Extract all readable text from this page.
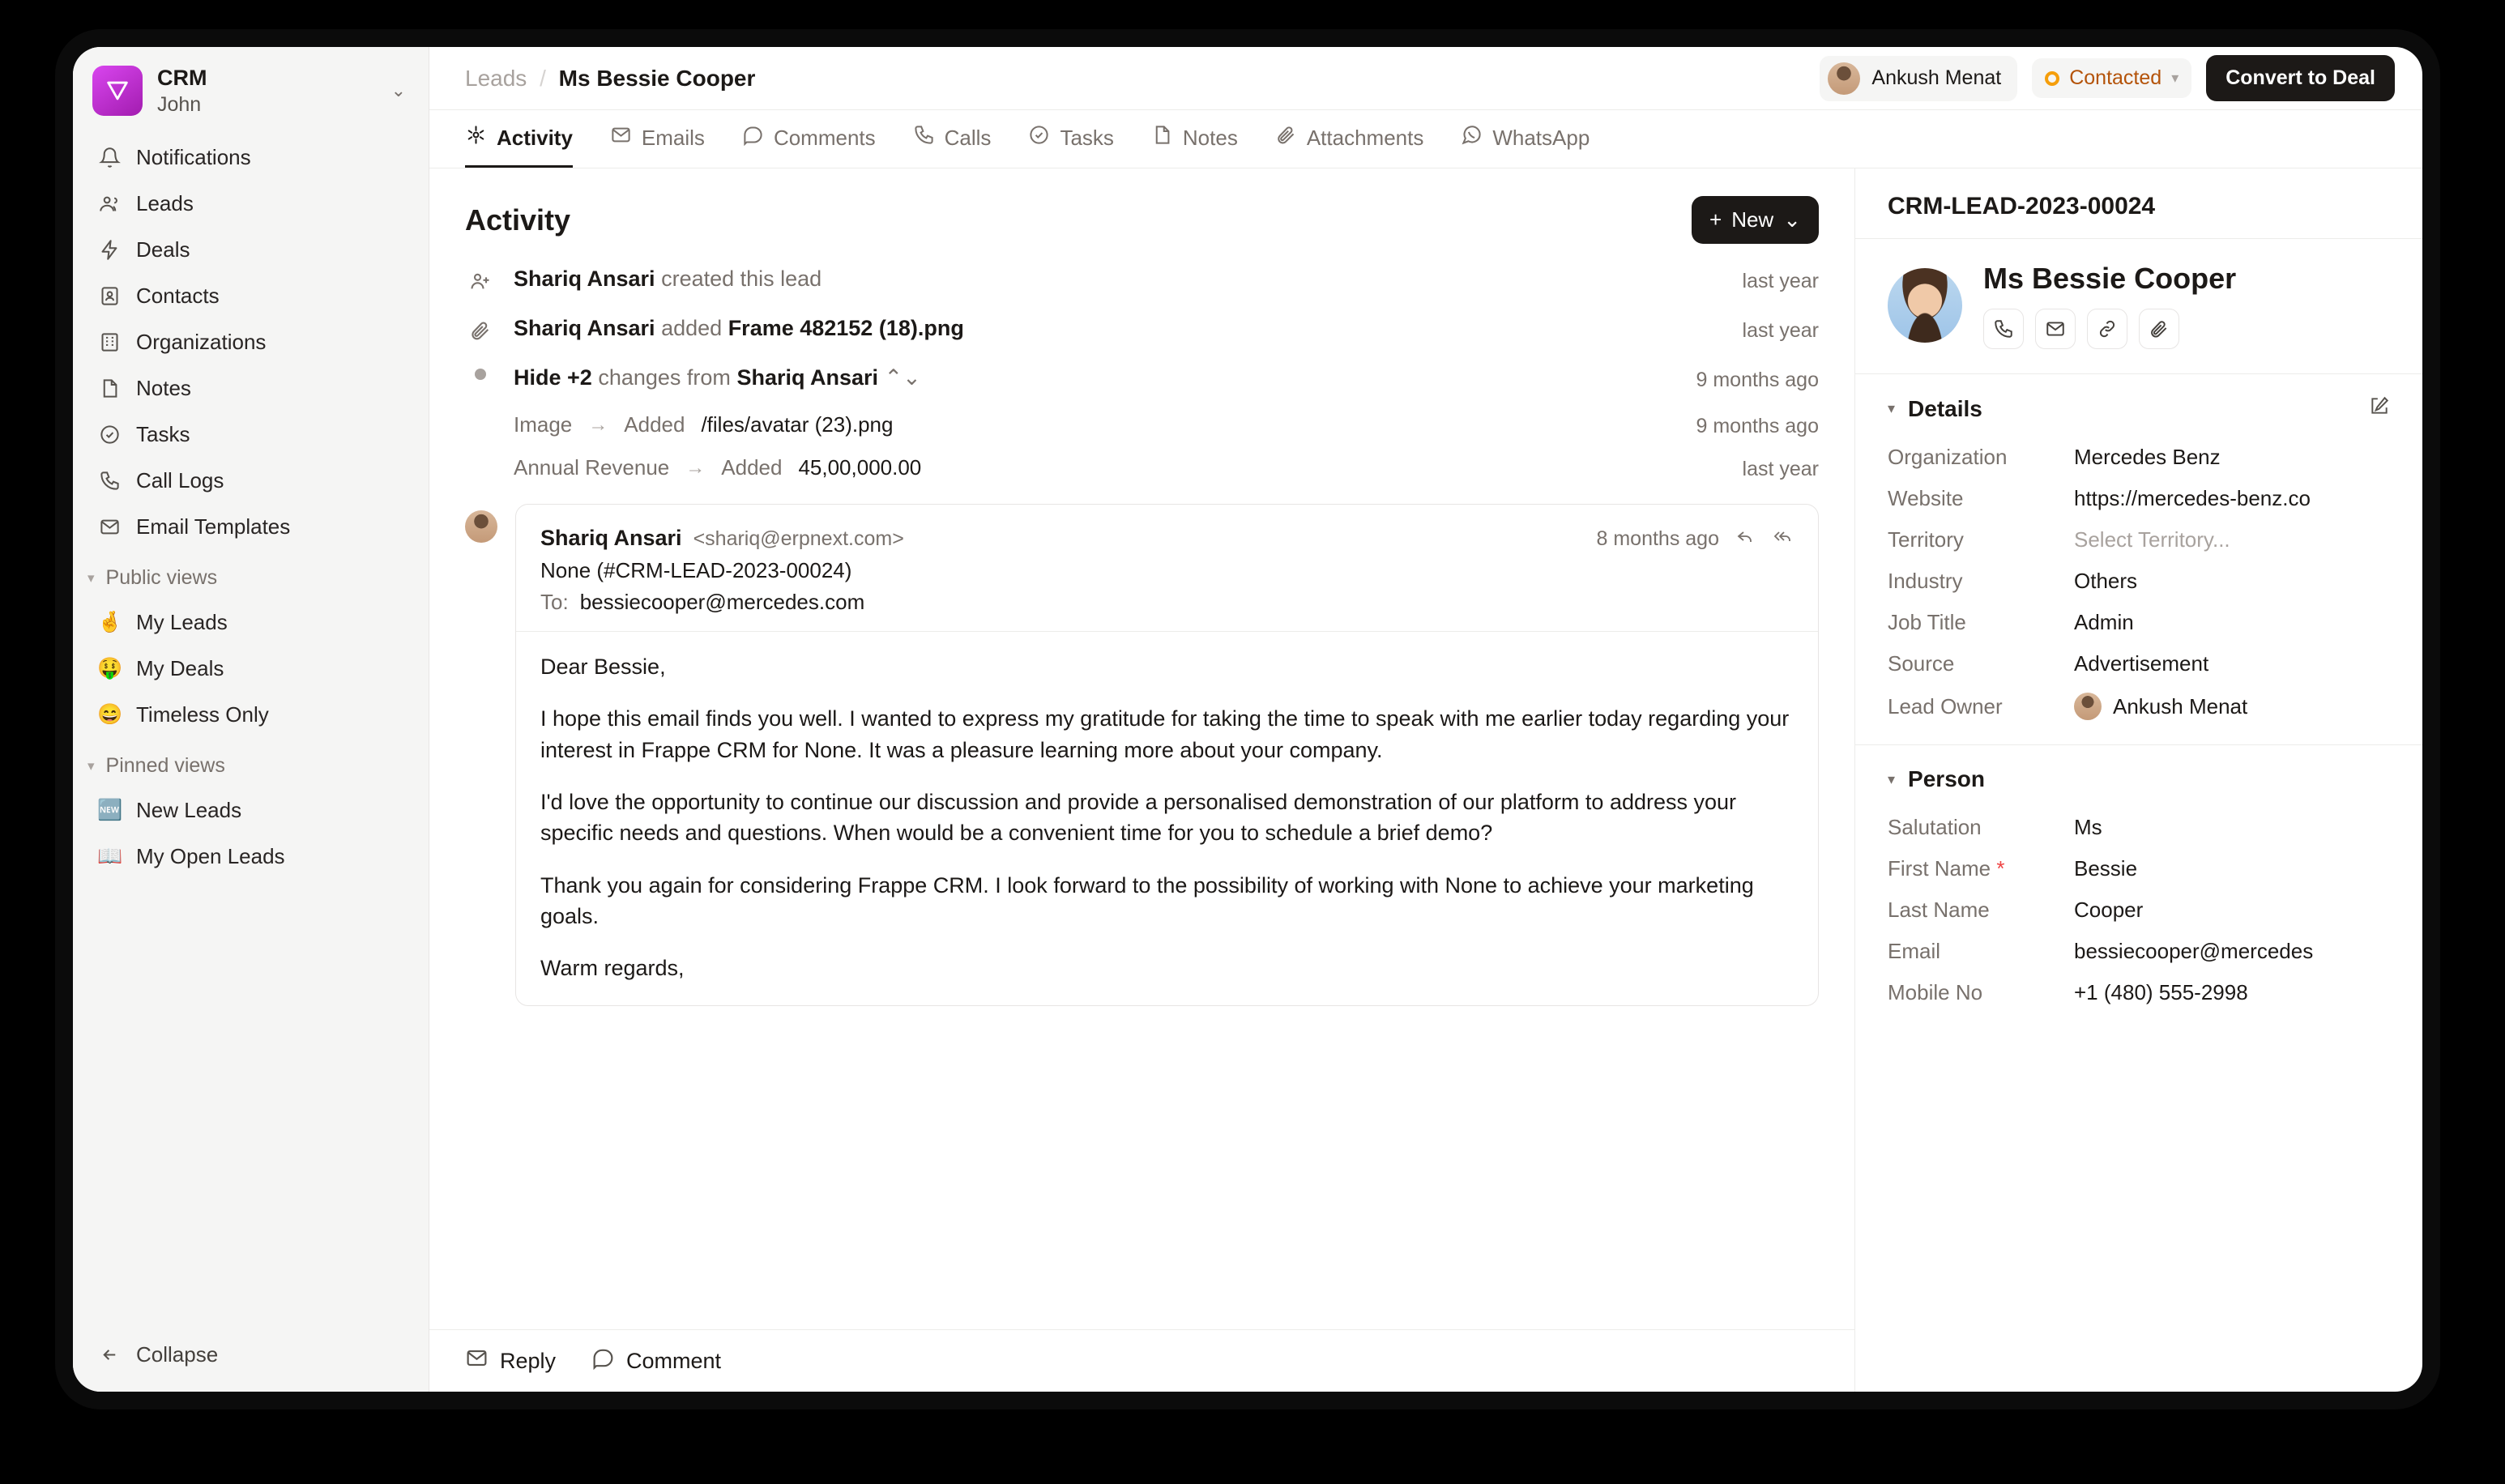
CRM
John
⌄
Notifications
Leads
Deals
Contacts
Organizations
Notes
Tasks
Call Logs
Email Templates
▾ Public views
🤞 My Leads
🤑 My Deals
😄 Timeless Only
▾ Pinned views
🆕 New Leads
📖 My Open Leads
Collapse
Leads / Ms Bessie Cooper	Ankush Menat	Contacted ▾	Convert to Deal
Activity	Emails	Comments	Calls	Tasks	Notes	Attachments	WhatsApp
Activity	+ New ⌄
Shariq Ansari created this lead	last year
Shariq Ansari added Frame 482152 (18).png	last year
Hide +2 changes from Shariq Ansari ⌃⌄	9 months ago
Image → Added /files/avatar (23).png	9 months ago
Annual Revenue → Added 45,00,000.00	last year
Shariq Ansari <shariq@erpnext.com>	8 months ago
None (#CRM-LEAD-2023-00024)
To: bessiecooper@mercedes.com

Dear Bessie,

I hope this email finds you well. I wanted to express my gratitude for taking the time to speak with me earlier today regarding your interest in Frappe CRM for None. It was a pleasure learning more about your company.

I'd love the opportunity to continue our discussion and provide a personalised demonstration of our platform to address your specific needs and questions. When would be a convenient time for you to schedule a brief demo?

Thank you again for considering Frappe CRM. I look forward to the possibility of working with None to achieve your marketing goals.

Warm regards,

Reply	Comment
CRM-LEAD-2023-00024
Ms Bessie Cooper
▾ Details
Organization	Mercedes Benz
Website	https://mercedes-benz.co
Territory	Select Territory...
Industry	Others
Job Title	Admin
Source	Advertisement
Lead Owner	Ankush Menat
▾ Person
Salutation	Ms
First Name *	Bessie
Last Name	Cooper
Email	bessiecooper@mercedes
Mobile No	+1 (480) 555-2998
